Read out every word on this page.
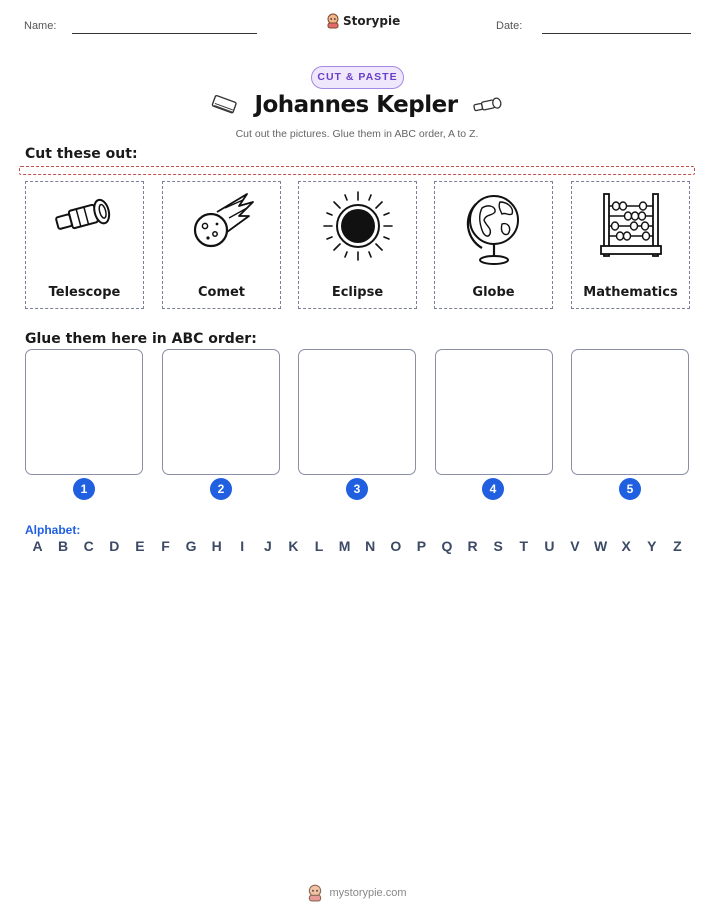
Name:	Storypie	Date:
CUT & PASTE
Johannes Kepler
Cut out the pictures. Glue them in ABC order, A to Z.
Cut these out:
Telescope	Comet	Eclipse	Globe	Mathematics
Glue them here in ABC order:
1	2	3	4	5
Alphabet:
A	B	C	D	E	F	G	H	I	J	K	L	M	N	O	P	Q	R	S	T	U	V	W	X	Y	Z
mystorypie.com
